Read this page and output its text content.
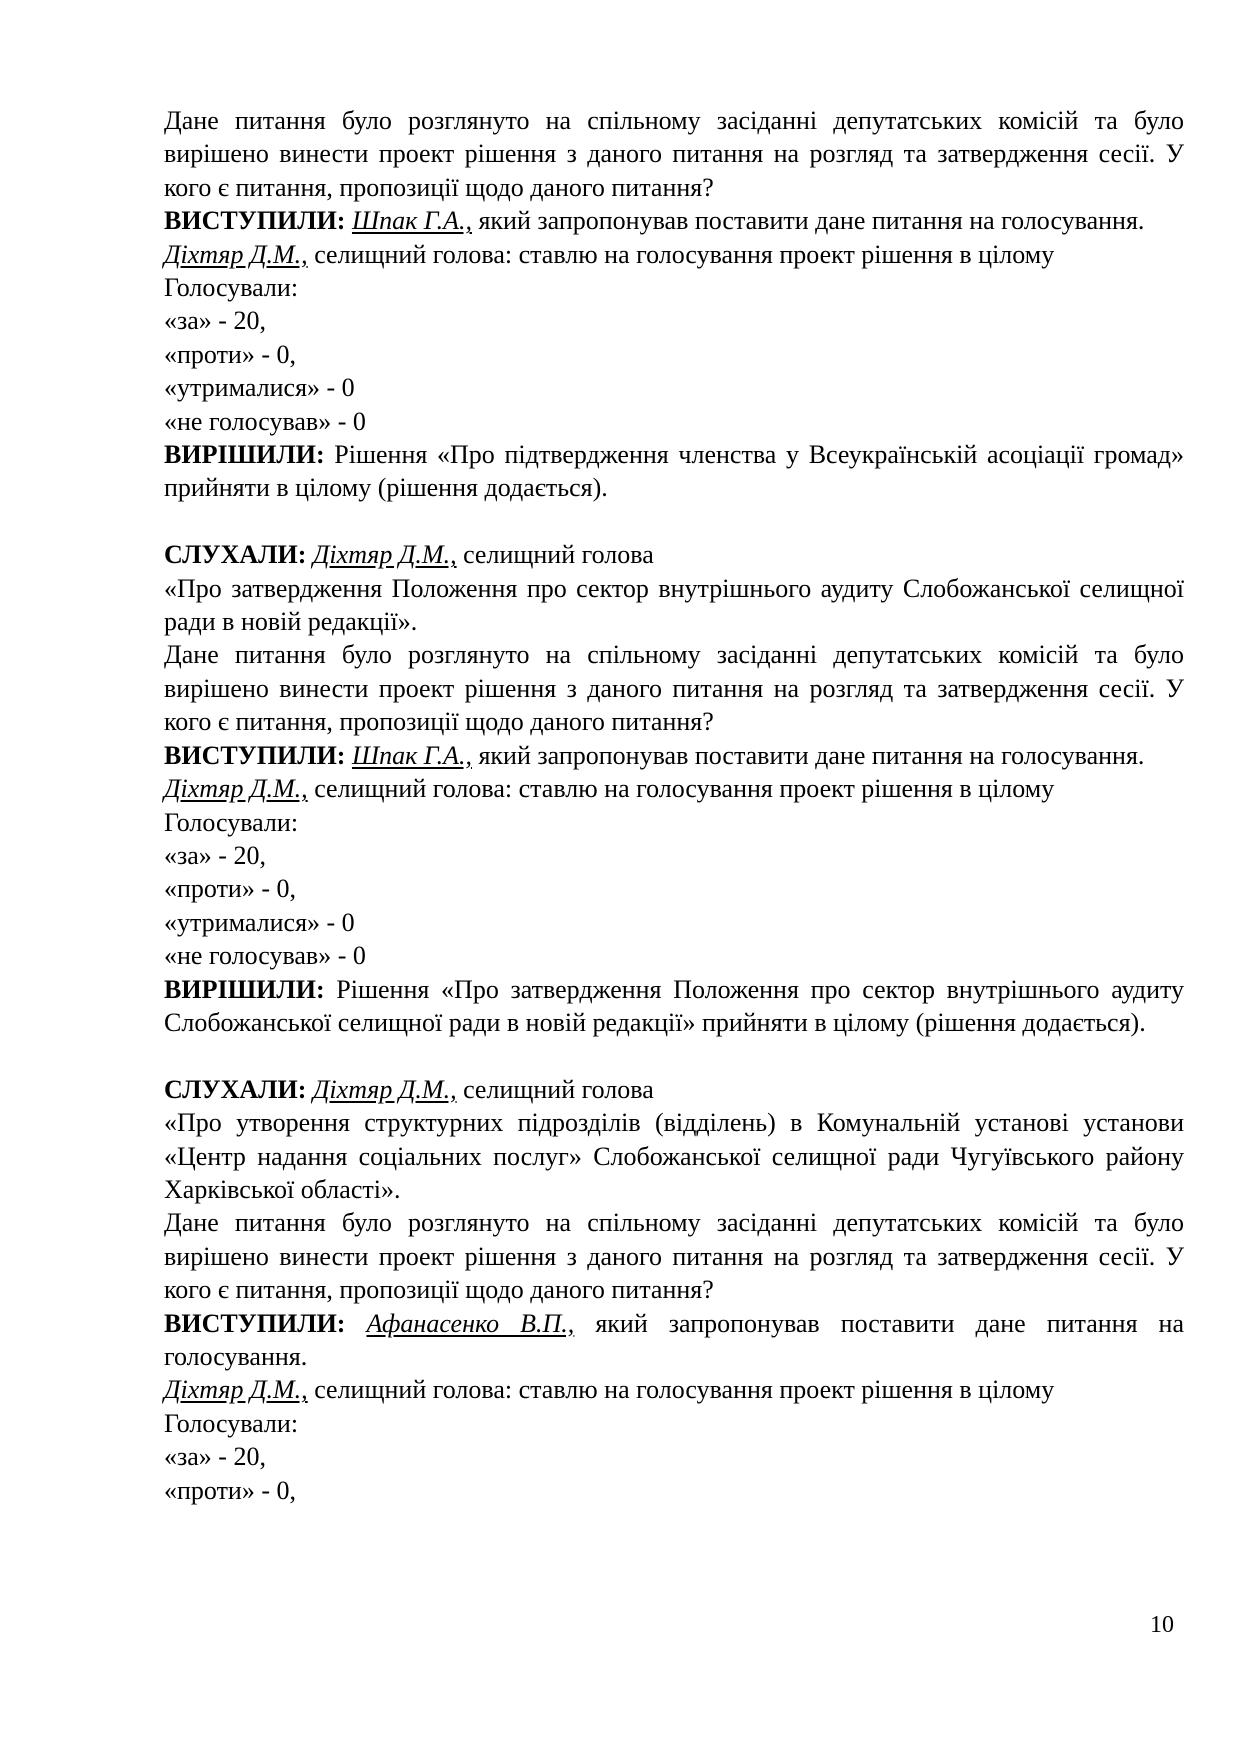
Дане питання було розглянуто на спільному засіданні депутатських комісій та було вирішено винести проект рішення з даного питання на розгляд та затвердження сесії. У кого є питання, пропозиції щодо даного питання?

ВИСТУПИЛИ: Шпак Г.А., який запропонував поставити дане питання на голосування.

Діхтяр Д.М., селищний голова: ставлю на голосування проект рішення в цілому

Голосували:

«за» - 20,

«проти» - 0,

«утрималися» - 0

«не голосував» - 0

ВИРІШИЛИ: Рішення «Про підтвердження членства у Всеукраїнській асоціації громад» прийняти в цілому (рішення додається).

СЛУХАЛИ: Діхтяр Д.М., селищний голова

«Про затвердження Положення про сектор внутрішнього аудиту Слобожанської селищної ради в новій редакції».

Дане питання було розглянуто на спільному засіданні депутатських комісій та було вирішено винести проект рішення з даного питання на розгляд та затвердження сесії. У кого є питання, пропозиції щодо даного питання?

ВИСТУПИЛИ: Шпак Г.А., який запропонував поставити дане питання на голосування.

Діхтяр Д.М., селищний голова: ставлю на голосування проект рішення в цілому

Голосували:

«за» - 20,

«проти» - 0,

«утрималися» - 0

«не голосував» - 0

ВИРІШИЛИ: Рішення «Про затвердження Положення про сектор внутрішнього аудиту Слобожанської селищної ради в новій редакції» прийняти в цілому (рішення додається).

СЛУХАЛИ: Діхтяр Д.М., селищний голова

«Про утворення структурних підрозділів (відділень) в Комунальній установі установи «Центр надання соціальних послуг» Слобожанської селищної ради Чугуївського району Харківської області».

Дане питання було розглянуто на спільному засіданні депутатських комісій та було вирішено винести проект рішення з даного питання на розгляд та затвердження сесії. У кого є питання, пропозиції щодо даного питання?

ВИСТУПИЛИ: Афанасенко В.П., який запропонував поставити дане питання на голосування.

Діхтяр Д.М., селищний голова: ставлю на голосування проект рішення в цілому

Голосували:

«за» - 20,

«проти» - 0,

10
